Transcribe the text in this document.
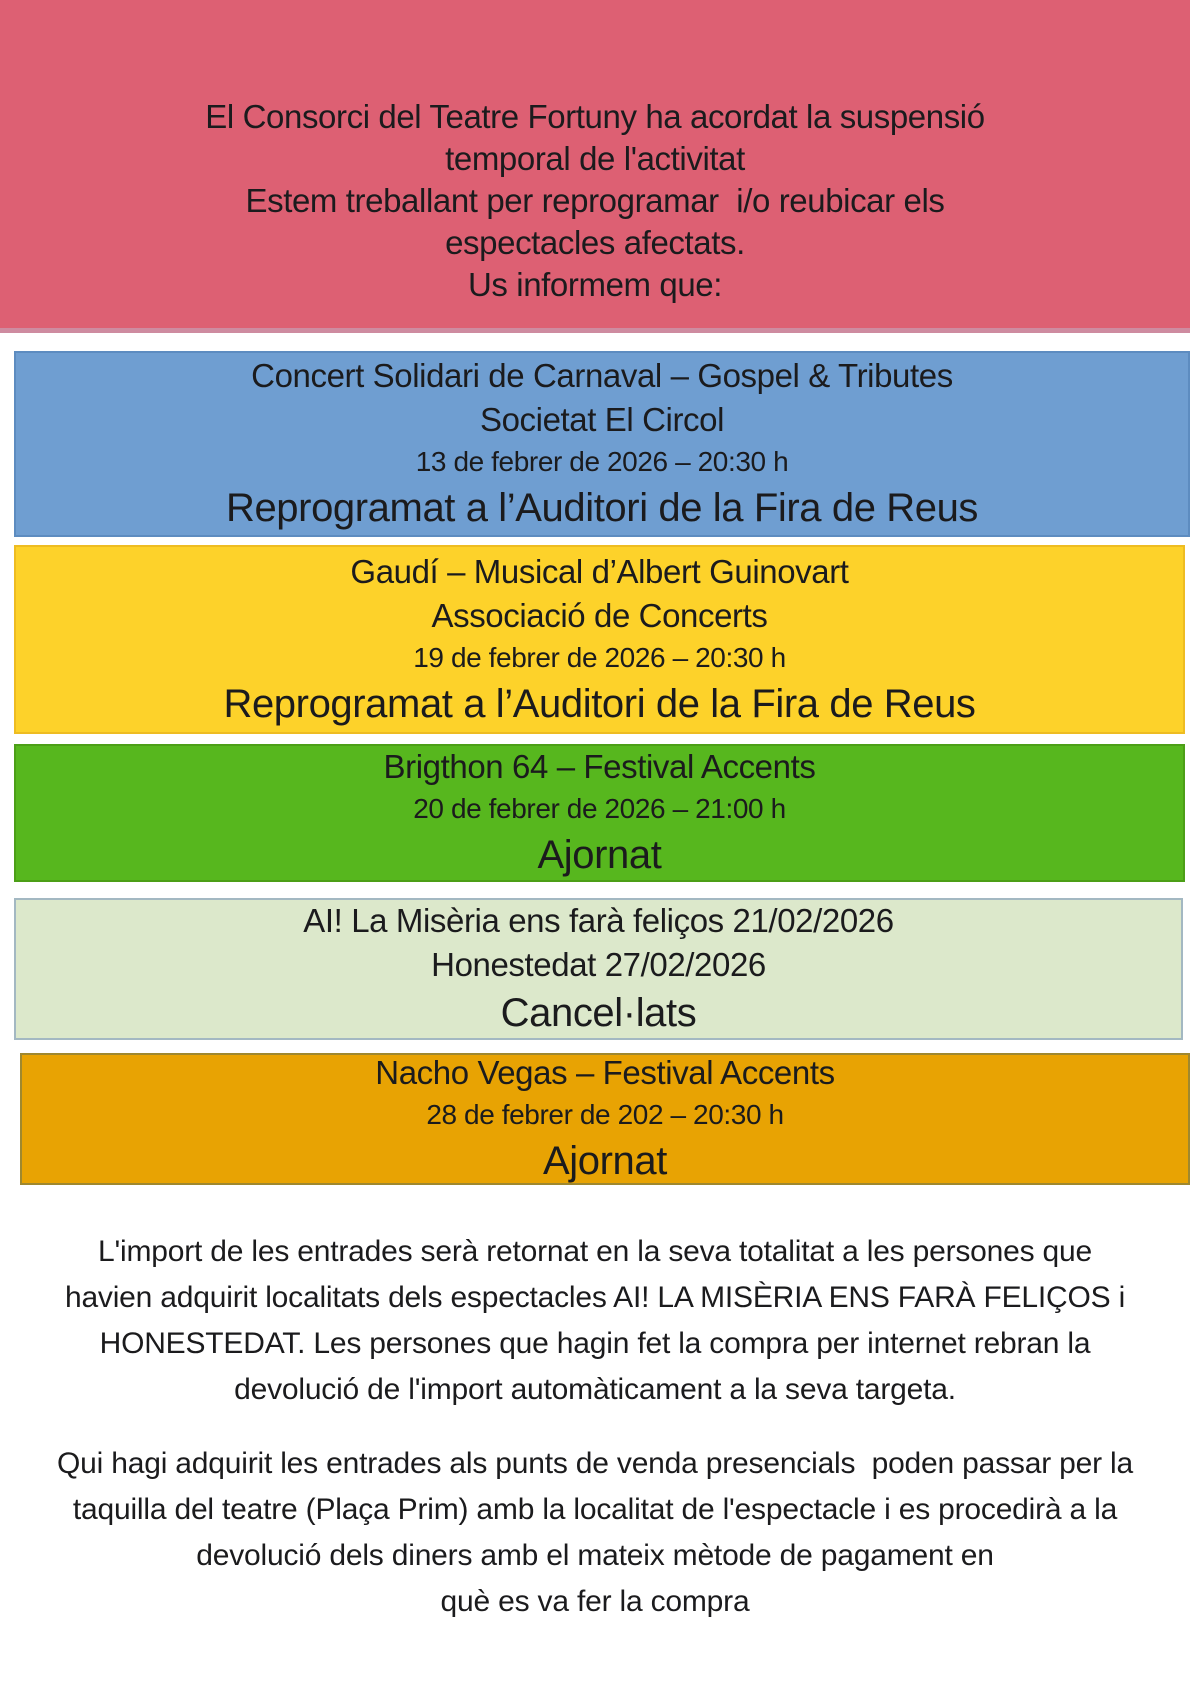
El Consorci del Teatre Fortuny ha acordat la suspensió
temporal de l'activitat
Estem treballant per reprogramar  i/o reubicar els
espectacles afectats.
Us informem que:
Concert Solidari de Carnaval – Gospel & Tributes
Societat El Circol
13 de febrer de 2026 – 20:30 h
Reprogramat a l’Auditori de la Fira de Reus
Gaudí – Musical d’Albert Guinovart
Associació de Concerts
19 de febrer de 2026 – 20:30 h
Reprogramat a l’Auditori de la Fira de Reus
Brigthon 64 – Festival Accents
20 de febrer de 2026 – 21:00 h
Ajornat
AI! La Misèria ens farà feliços 21/02/2026
Honestedat 27/02/2026
Cancel·lats
Nacho Vegas – Festival Accents
28 de febrer de 202 – 20:30 h
Ajornat
L'import de les entrades serà retornat en la seva totalitat a les persones que
havien adquirit localitats dels espectacles AI! LA MISÈRIA ENS FARÀ FELIÇOS i
HONESTEDAT. Les persones que hagin fet la compra per internet rebran la
devolució de l'import automàticament a la seva targeta.
Qui hagi adquirit les entrades als punts de venda presencials  poden passar per la
taquilla del teatre (Plaça Prim) amb la localitat de l'espectacle i es procedirà a la
devolució dels diners amb el mateix mètode de pagament en
què es va fer la compra
